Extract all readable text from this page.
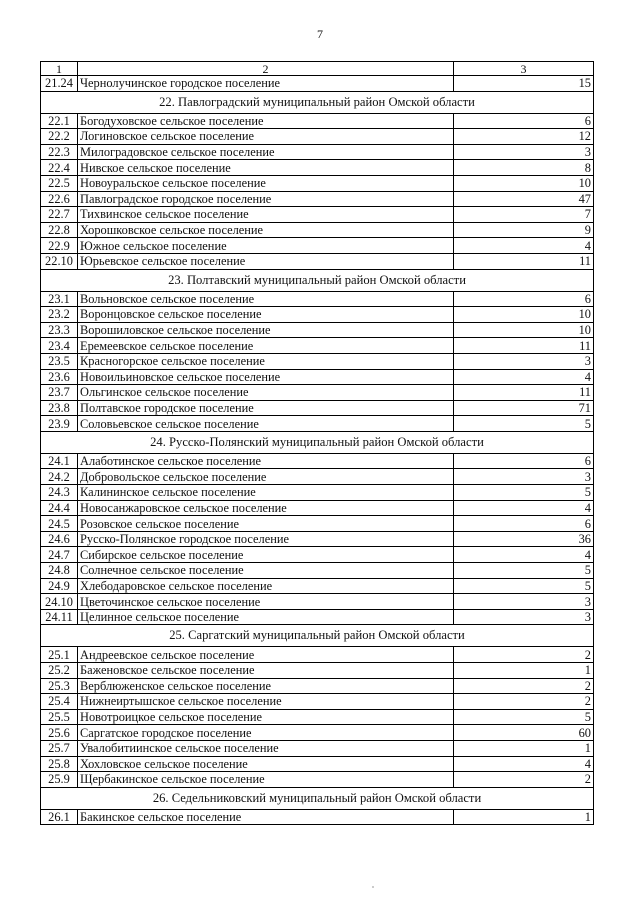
7
1	2	3
21.24	Чернолучинское городское поселение	15
22. Павлоградский муниципальный район Омской области		
22.1	Богодуховское сельское поселение	6
22.2	Логиновское сельское поселение	12
22.3	Милоградовское сельское поселение	3
22.4	Нивское сельское поселение	8
22.5	Новоуральское сельское поселение	10
22.6	Павлоградское городское поселение	47
22.7	Тихвинское сельское поселение	7
22.8	Хорошковское сельское поселение	9
22.9	Южное сельское поселение	4
22.10	Юрьевское сельское поселение	11
23. Полтавский муниципальный район Омской области		
23.1	Вольновское сельское поселение	6
23.2	Воронцовское сельское поселение	10
23.3	Ворошиловское сельское поселение	10
23.4	Еремеевское сельское поселение	11
23.5	Красногорское сельское поселение	3
23.6	Новоильиновское сельское поселение	4
23.7	Ольгинское сельское поселение	11
23.8	Полтавское городское поселение	71
23.9	Соловьевское сельское поселение	5
24. Русско-Полянский муниципальный район Омской области		
24.1	Алаботинское сельское поселение	6
24.2	Добровольское сельское поселение	3
24.3	Калининское сельское поселение	5
24.4	Новосанжаровское сельское поселение	4
24.5	Розовское сельское поселение	6
24.6	Русско-Полянское городское поселение	36
24.7	Сибирское сельское поселение	4
24.8	Солнечное сельское поселение	5
24.9	Хлебодаровское сельское поселение	5
24.10	Цветочинское сельское поселение	3
24.11	Целинное сельское поселение	3
25. Саргатский муниципальный район Омской области		
25.1	Андреевское сельское поселение	2
25.2	Баженовское сельское поселение	1
25.3	Верблюженское сельское поселение	2
25.4	Нижнеиртышское сельское поселение	2
25.5	Новотроицкое сельское поселение	5
25.6	Саргатское городское поселение	60
25.7	Увалобитиинское сельское поселение	1
25.8	Хохловское сельское поселение	4
25.9	Щербакинское сельское поселение	2
26. Седельниковский муниципальный район Омской области		
26.1	Бакинское сельское поселение	1
